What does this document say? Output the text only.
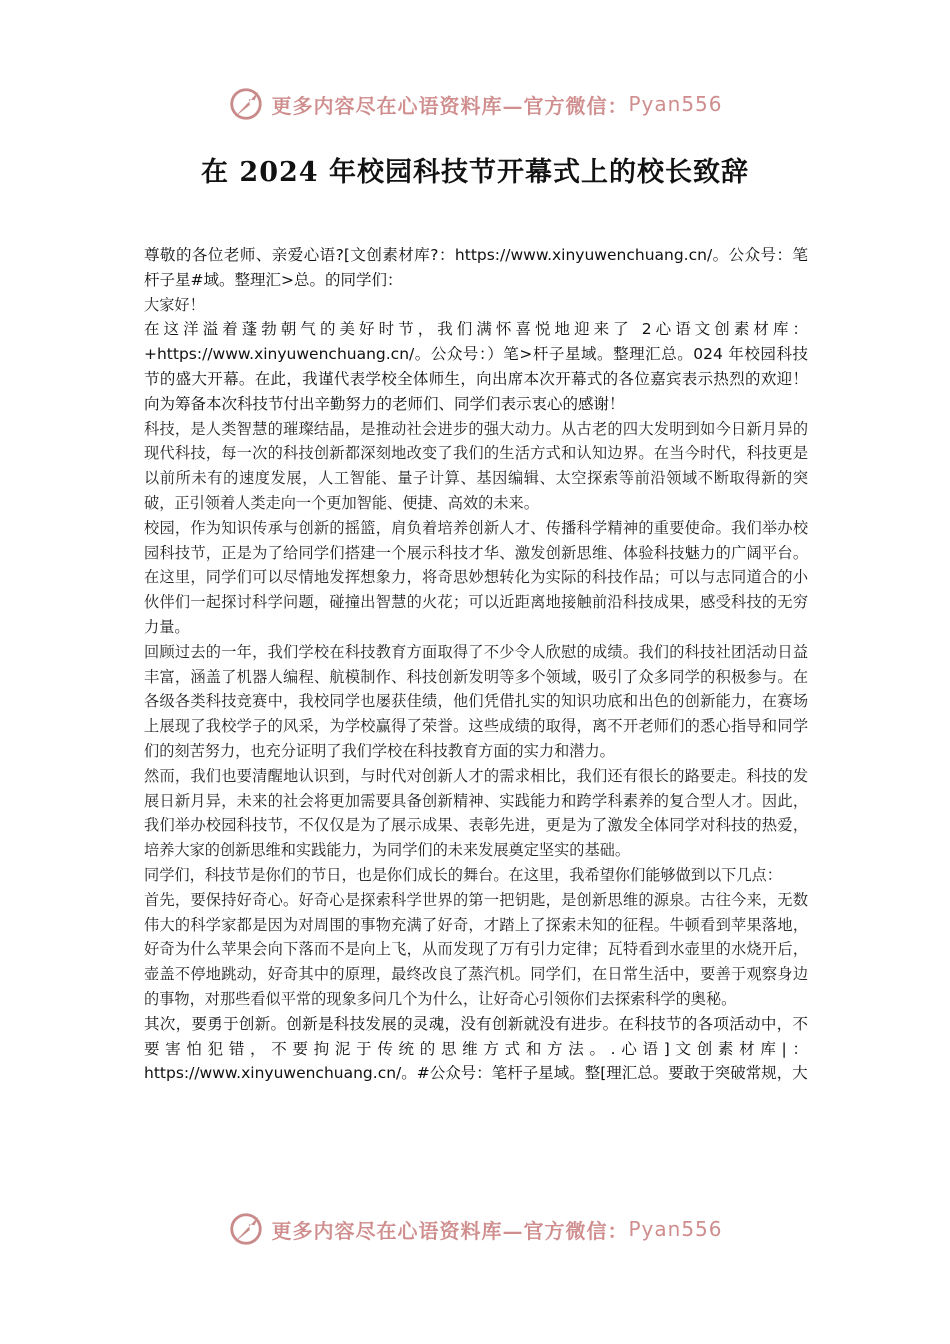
更多内容尽在心语资料库—官方微信： Pyan556
在 2024 年校园科技节开幕式上的校长致辞

尊敬的各位老师、亲爱心语?[文创素材库?：https://www.xinyuwenchuang.cn/。公众号：笔杆子星#域。整理汇>总。的同学们：

大家好！

在这洋溢着蓬勃朝气的美好时节，我们满怀喜悦地迎来了 2心语文创素材库：+https://www.xinyuwenchuang.cn/。公众号：）笔>杆子星域。整理汇总。024 年校园科技节的盛大开幕。在此，我谨代表学校全体师生，向出席本次开幕式的各位嘉宾表示热烈的欢迎！向为筹备本次科技节付出辛勤努力的老师们、同学们表示衷心的感谢！

科技，是人类智慧的璀璨结晶，是推动社会进步的强大动力。从古老的四大发明到如今日新月异的现代科技，每一次的科技创新都深刻地改变了我们的生活方式和认知边界。在当今时代，科技更是以前所未有的速度发展，人工智能、量子计算、基因编辑、太空探索等前沿领域不断取得新的突破，正引领着人类走向一个更加智能、便捷、高效的未来。

校园，作为知识传承与创新的摇篮，肩负着培养创新人才、传播科学精神的重要使命。我们举办校园科技节，正是为了给同学们搭建一个展示科技才华、激发创新思维、体验科技魅力的广阔平台。在这里，同学们可以尽情地发挥想象力，将奇思妙想转化为实际的科技作品；可以与志同道合的小伙伴们一起探讨科学问题，碰撞出智慧的火花；可以近距离地接触前沿科技成果，感受科技的无穷力量。

回顾过去的一年，我们学校在科技教育方面取得了不少令人欣慰的成绩。我们的科技社团活动日益丰富，涵盖了机器人编程、航模制作、科技创新发明等多个领域，吸引了众多同学的积极参与。在各级各类科技竞赛中，我校同学也屡获佳绩，他们凭借扎实的知识功底和出色的创新能力，在赛场上展现了我校学子的风采，为学校赢得了荣誉。这些成绩的取得，离不开老师们的悉心指导和同学们的刻苦努力，也充分证明了我们学校在科技教育方面的实力和潜力。

然而，我们也要清醒地认识到，与时代对创新人才的需求相比，我们还有很长的路要走。科技的发展日新月异，未来的社会将更加需要具备创新精神、实践能力和跨学科素养的复合型人才。因此，我们举办校园科技节，不仅仅是为了展示成果、表彰先进，更是为了激发全体同学对科技的热爱，培养大家的创新思维和实践能力，为同学们的未来发展奠定坚实的基础。

同学们，科技节是你们的节日，也是你们成长的舞台。在这里，我希望你们能够做到以下几点：

首先，要保持好奇心。好奇心是探索科学世界的第一把钥匙，是创新思维的源泉。古往今来，无数伟大的科学家都是因为对周围的事物充满了好奇，才踏上了探索未知的征程。牛顿看到苹果落地，好奇为什么苹果会向下落而不是向上飞，从而发现了万有引力定律；瓦特看到水壶里的水烧开后，壶盖不停地跳动，好奇其中的原理，最终改良了蒸汽机。同学们，在日常生活中，要善于观察身边的事物，对那些看似平常的现象多问几个为什么，让好奇心引领你们去探索科学的奥秘。

其次，要勇于创新。创新是科技发展的灵魂，没有创新就没有进步。在科技节的各项活动中，不要害怕犯错，不要拘泥于传统的思维方式和方法。.心语]文创素材库|：https://www.xinyuwenchuang.cn/。#公众号：笔杆子星域。整[理汇总。要敢于突破常规，大

更多内容尽在心语资料库—官方微信： Pyan556
